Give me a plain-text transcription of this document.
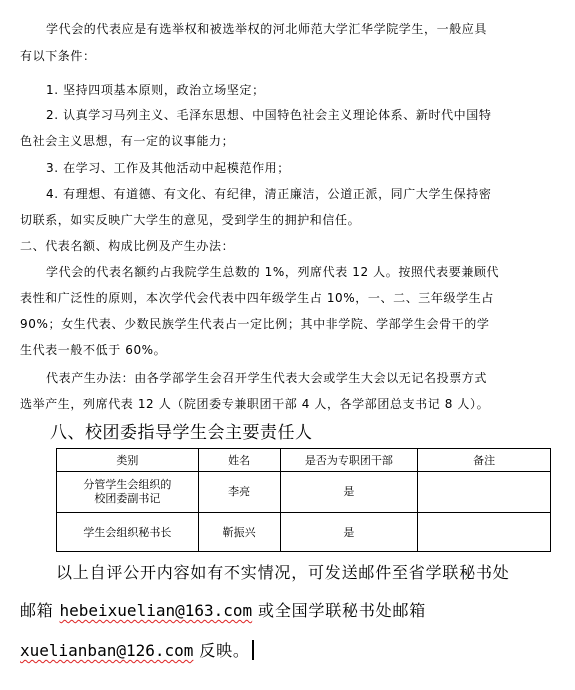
学代会的代表应是有选举权和被选举权的河北师范大学汇华学院学生，一般应具

有以下条件：

1. 坚持四项基本原则，政治立场坚定；

2. 认真学习马列主义、毛泽东思想、中国特色社会主义理论体系、新时代中国特

色社会主义思想，有一定的议事能力；

3. 在学习、工作及其他活动中起模范作用；

4. 有理想、有道德、有文化、有纪律，清正廉洁，公道正派，同广大学生保持密

切联系，如实反映广大学生的意见，受到学生的拥护和信任。

二、代表名额、构成比例及产生办法：

学代会的代表名额约占我院学生总数的 1%，列席代表 12 人。按照代表要兼顾代

表性和广泛性的原则，本次学代会代表中四年级学生占 10%，一、二、三年级学生占

90%；女生代表、少数民族学生代表占一定比例；其中非学院、学部学生会骨干的学

生代表一般不低于 60%。

代表产生办法：由各学部学生会召开学生代表大会或学生大会以无记名投票方式

选举产生，列席代表 12 人（院团委专兼职团干部 4 人，各学部团总支书记 8 人）。

八、校团委指导学生会主要责任人

类别	姓名	是否为专职团干部	备注
分管学生会组织的
校团委副书记	李亮	是	
学生会组织秘书长	靳振兴	是	

以上自评公开内容如有不实情况，可发送邮件至省学联秘书处

邮箱 hebeixuelian@163.com 或全国学联秘书处邮箱

xuelianban@126.com 反映。
